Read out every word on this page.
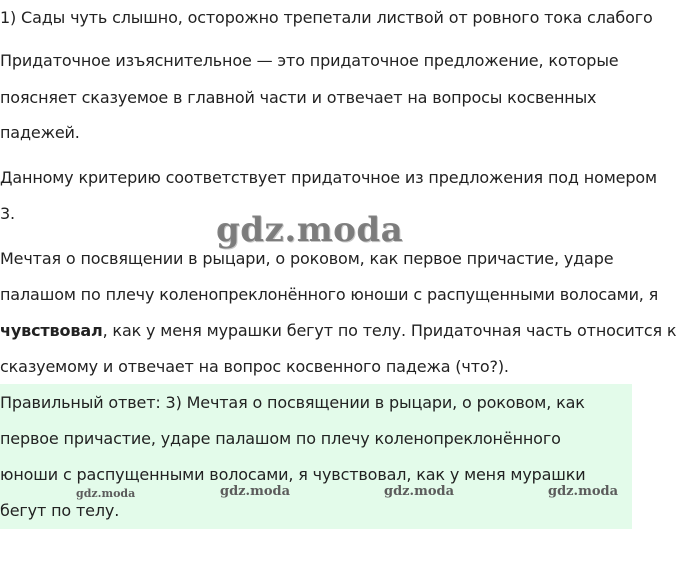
1) Сады чуть слышно, осторожно трепетали листвой от ровного тока слабого
Придаточное изъяснительное — это придаточное предложение, которые
поясняет сказуемое в главной части и отвечает на вопросы косвенных
падежей.
Данному критерию соответствует придаточное из предложения под номером
3.
Мечтая о посвящении в рыцари, о роковом, как первое причастие, ударе
палашом по плечу коленопреклонённого юноши с распущенными волосами, я
чувствовал, как у меня мурашки бегут по телу. Придаточная часть относится к
сказуемому и отвечает на вопрос косвенного падежа (что?).
Правильный ответ: 3) Мечтая о посвящении в рыцари, о роковом, как
первое причастие, ударе палашом по плечу коленопреклонённого
юноши с распущенными волосами, я чувствовал, как у меня мурашки
бегут по телу.
gdz.moda
gdz.moda	gdz.moda	gdz.moda	gdz.moda
